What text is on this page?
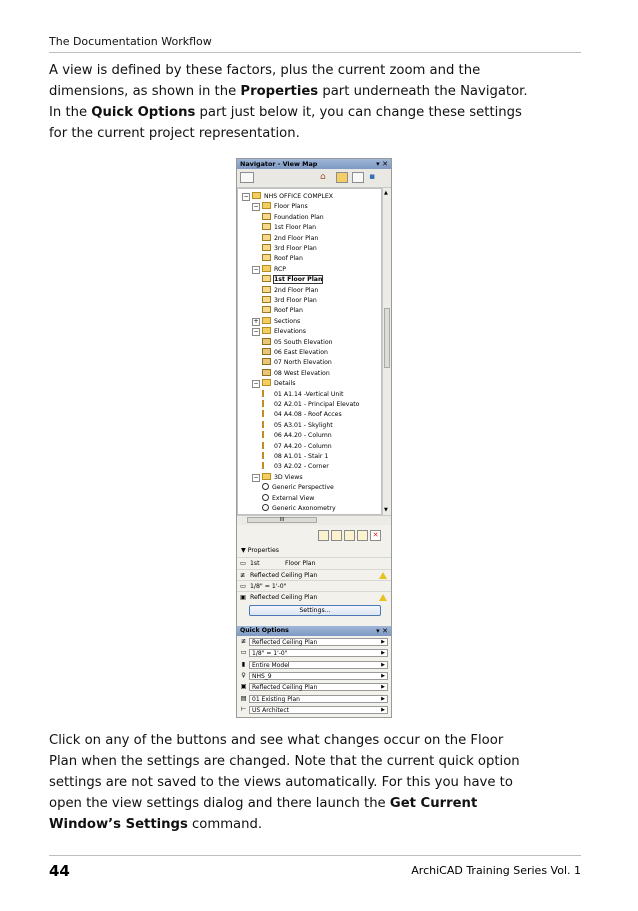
The Documentation Workflow
A view is defined by these factors, plus the current zoom and the
dimensions, as shown in the Properties part underneath the Navigator.
In the Quick Options part just below it, you can change these settings
for the current project representation.
Navigator - View Map	▾ ✕
⌂	▪
− NHS OFFICE COMPLEX
− Floor Plans
Foundation Plan
1st Floor Plan
2nd Floor Plan
3rd Floor Plan
Roof Plan
− RCP
1st Floor Plan
2nd Floor Plan
3rd Floor Plan
Roof Plan
+ Sections
− Elevations
05 South Elevation
06 East Elevation
07 North Elevation
08 West Elevation
− Details
01 A1.14 -Vertical Unit
02 A2.01 - Principal Elevato
04 A4.08 - Roof Acces
05 A3.01 - Skylight
06 A4.20 - Column
07 A4.20 - Column
08 A1.01 - Stair 1
03 A2.02 - Corner
− 3D Views
Generic Perspective
External View
Generic Axonometry
▲
▼
III
✕
▼ Properties
▭ 1st	Floor Plan
≢ Reflected Ceiling Plan
▭ 1/8" = 1'-0"
▣ Reflected Ceiling Plan
Settings...
Quick Options	▾ ✕
≢ Reflected Ceiling Plan	▶
▭ 1/8" = 1'-0"	▶
▮	Entire Model	▶
♀	NHS_9	▶
▣ Reflected Ceiling Plan	▶
▤ 01 Existing Plan	▶
⊢ US Architect	▶
Click on any of the buttons and see what changes occur on the Floor
Plan when the settings are changed. Note that the current quick option
settings are not saved to the views automatically. For this you have to
open the view settings dialog and there launch the Get Current
Window’s Settings command.
44	ArchiCAD Training Series Vol. 1
